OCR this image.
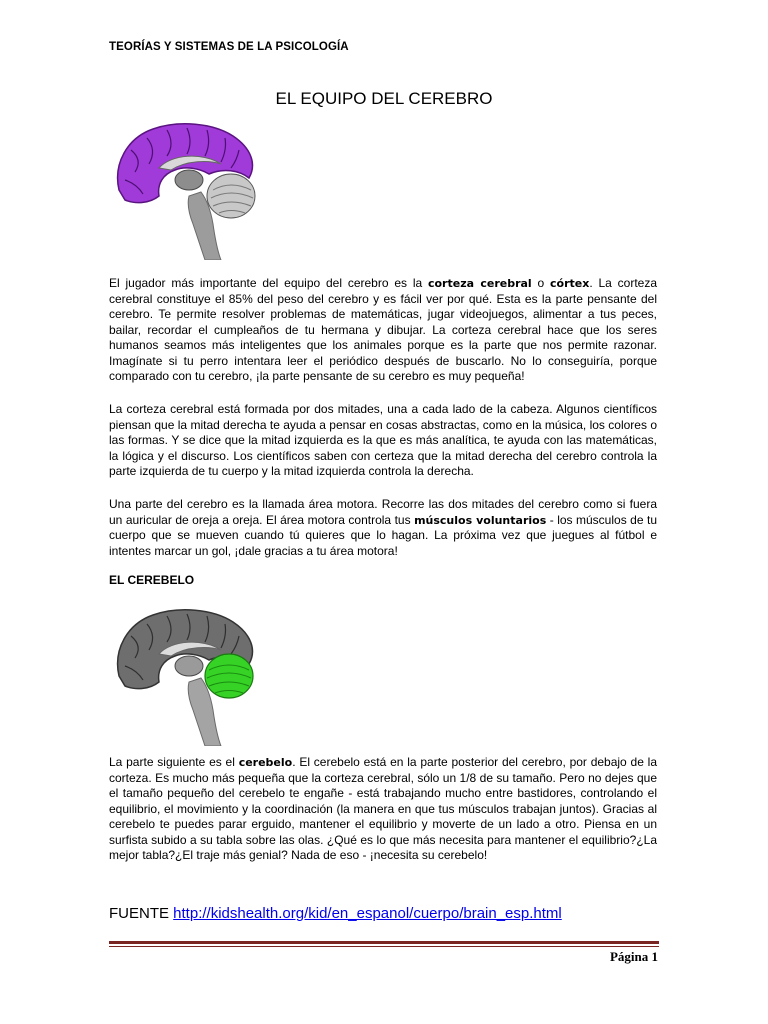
TEORÍAS Y SISTEMAS DE LA PSICOLOGÍA
EL EQUIPO DEL CEREBRO

El jugador más importante del equipo del cerebro es la corteza cerebral o córtex. La corteza cerebral constituye el 85% del peso del cerebro y es fácil ver por qué. Esta es la parte pensante del cerebro. Te permite resolver problemas de matemáticas, jugar videojuegos, alimentar a tus peces, bailar, recordar el cumpleaños de tu hermana y dibujar. La corteza cerebral hace que los seres humanos seamos más inteligentes que los animales porque es la parte que nos permite razonar. Imagínate si tu perro intentara leer el periódico después de buscarlo. No lo conseguiría, porque comparado con tu cerebro, ¡la parte pensante de su cerebro es muy pequeña!

La corteza cerebral está formada por dos mitades, una a cada lado de la cabeza. Algunos científicos piensan que la mitad derecha te ayuda a pensar en cosas abstractas, como en la música, los colores o las formas. Y se dice que la mitad izquierda es la que es más analítica, te ayuda con las matemáticas, la lógica y el discurso. Los científicos saben con certeza que la mitad derecha del cerebro controla la parte izquierda de tu cuerpo y la mitad izquierda controla la derecha.

Una parte del cerebro es la llamada área motora. Recorre las dos mitades del cerebro como si fuera un auricular de oreja a oreja. El área motora controla tus músculos voluntarios - los músculos de tu cuerpo que se mueven cuando tú quieres que lo hagan. La próxima vez que juegues al fútbol e intentes marcar un gol, ¡dale gracias a tu área motora!

EL CEREBELO

La parte siguiente es el cerebelo. El cerebelo está en la parte posterior del cerebro, por debajo de la corteza. Es mucho más pequeña que la corteza cerebral, sólo un 1/8 de su tamaño. Pero no dejes que el tamaño pequeño del cerebelo te engañe - está trabajando mucho entre bastidores, controlando el equilibrio, el movimiento y la coordinación (la manera en que tus músculos trabajan juntos). Gracias al cerebelo te puedes parar erguido, mantener el equilibrio y moverte de un lado a otro. Piensa en un surfista subido a su tabla sobre las olas. ¿Qué es lo que más necesita para mantener el equilibrio?¿La mejor tabla?¿El traje más genial? Nada de eso - ¡necesita su cerebelo!

FUENTE http://kidshealth.org/kid/en_espanol/cuerpo/brain_esp.html
Página 1
